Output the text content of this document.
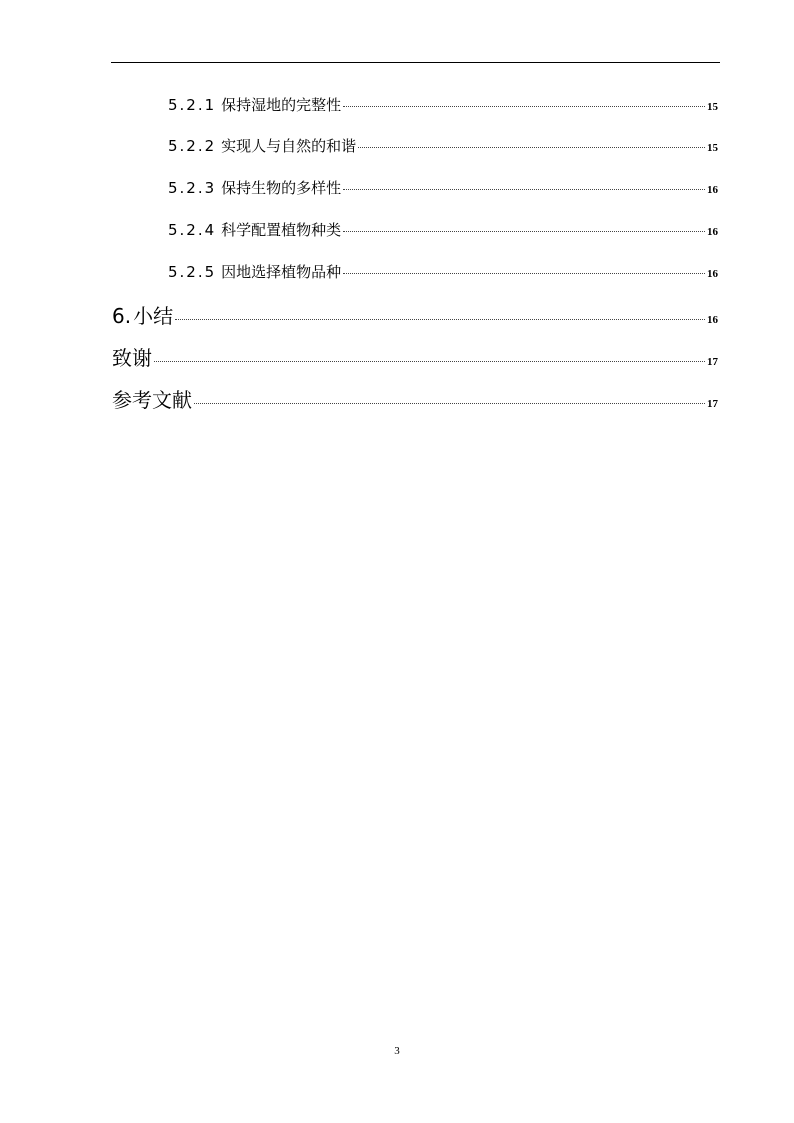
5.2.1 保持湿地的完整性	15
5.2.2 实现人与自然的和谐	15
5.2.3 保持生物的多样性	16
5.2.4 科学配置植物种类	16
5.2.5 因地选择植物品种	16
6. 小结	16
致谢	17
参考文献	17
3
